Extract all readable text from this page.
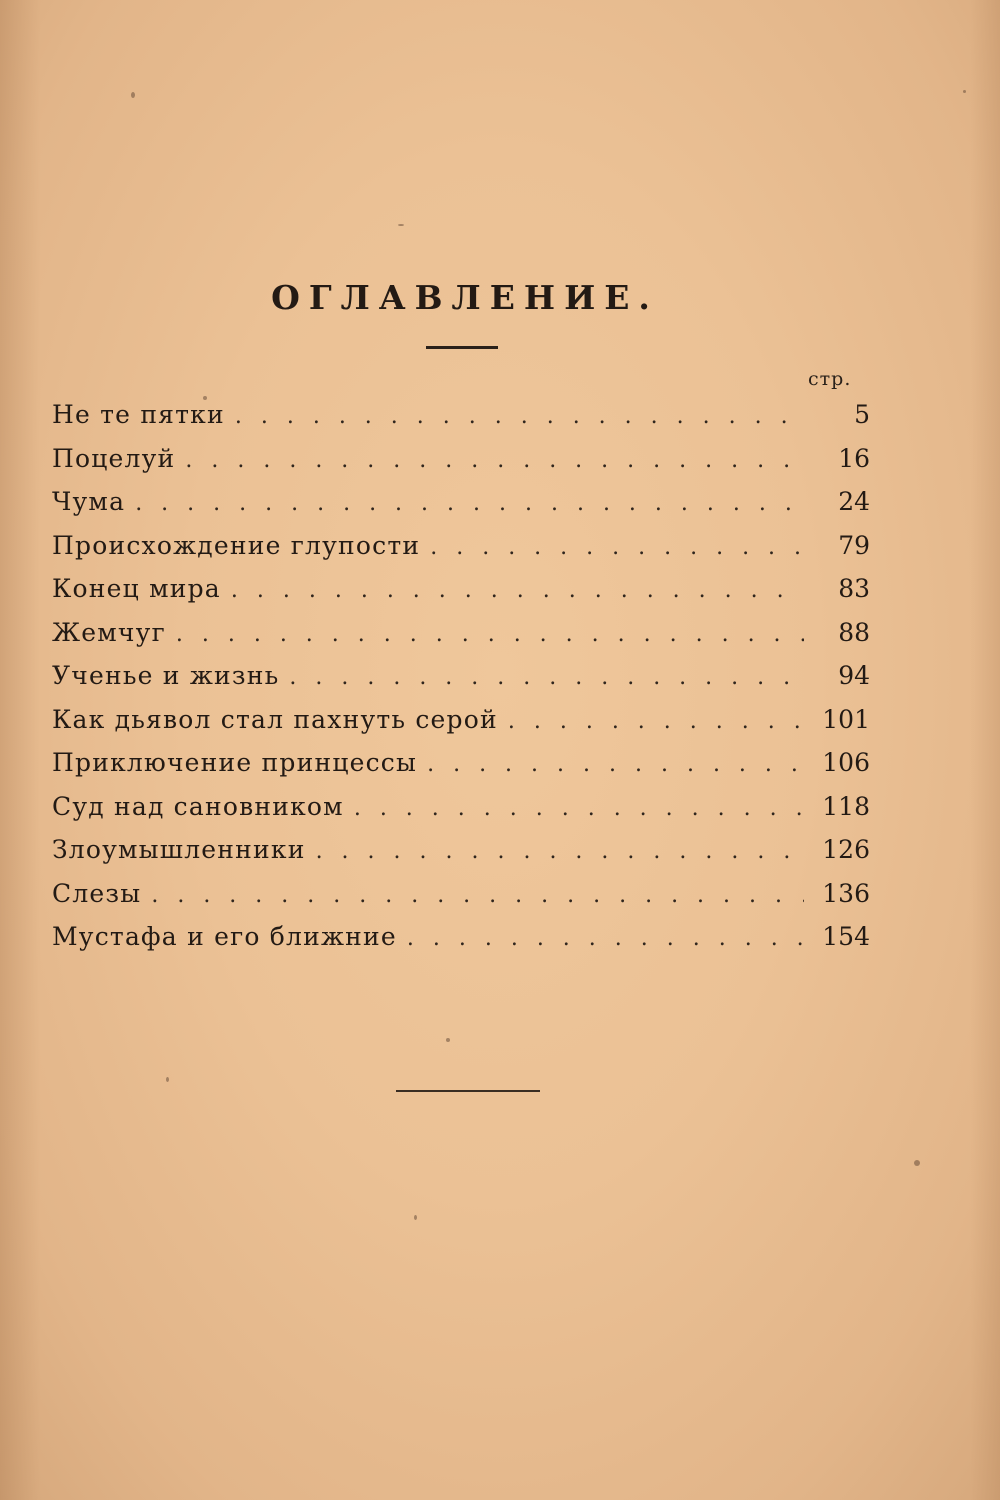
ОГЛАВЛЕНИЕ.
стр.
Не те пятки . . .	5
Поцелуй . . .	16
Чума . . .	24
Происхождение глупости . . .	79
Конец мира . . .	83
Жемчуг . . .	88
Ученье и жизнь . . .	94
Как дьявол стал пахнуть серой . . .	101
Приключение принцессы . . .	106
Суд над сановником . . .	118
Злоумышленники . . .	126
Слезы . . .	136
Мустафа и его ближние . . .	154
